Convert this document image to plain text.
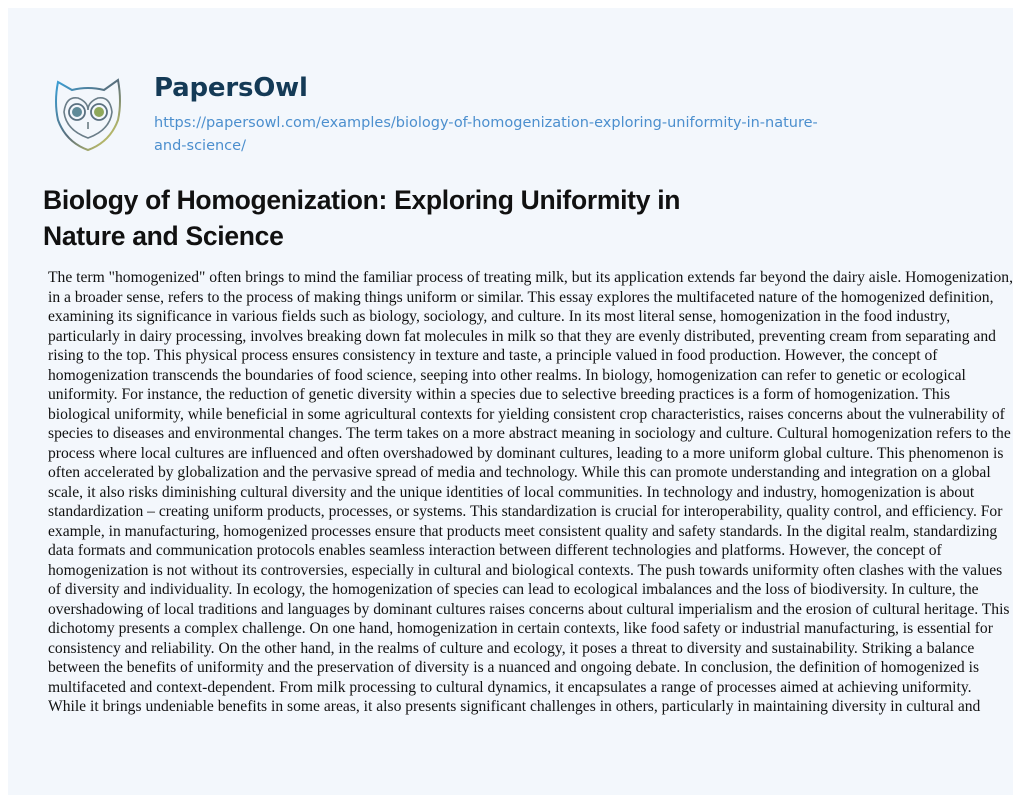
PapersOwl
https://papersowl.com/examples/biology-of-homogenization-exploring-uniformity-in-nature-
and-science/
Biology of Homogenization: Exploring Uniformity in
Nature and Science

The term "homogenized" often brings to mind the familiar process of treating milk, but its application extends far beyond the dairy aisle. Homogenization, in a broader sense, refers to the process of making things uniform or similar. This essay explores the multifaceted nature of the homogenized definition, examining its significance in various fields such as biology, sociology, and culture. In its most literal sense, homogenization in the food industry, particularly in dairy processing, involves breaking down fat molecules in milk so that they are evenly distributed, preventing cream from separating and rising to the top. This physical process ensures consistency in texture and taste, a principle valued in food production. However, the concept of homogenization transcends the boundaries of food science, seeping into other realms. In biology, homogenization can refer to genetic or ecological uniformity. For instance, the reduction of genetic diversity within a species due to selective breeding practices is a form of homogenization. This biological uniformity, while beneficial in some agricultural contexts for yielding consistent crop characteristics, raises concerns about the vulnerability of species to diseases and environmental changes. The term takes on a more abstract meaning in sociology and culture. Cultural homogenization refers to the process where local cultures are influenced and often overshadowed by dominant cultures, leading to a more uniform global culture. This phenomenon is often accelerated by globalization and the pervasive spread of media and technology. While this can promote understanding and integration on a global scale, it also risks diminishing cultural diversity and the unique identities of local communities. In technology and industry, homogenization is about standardization – creating uniform products, processes, or systems. This standardization is crucial for interoperability, quality control, and efficiency. For example, in manufacturing, homogenized processes ensure that products meet consistent quality and safety standards. In the digital realm, standardizing data formats and communication protocols enables seamless interaction between different technologies and platforms. However, the concept of homogenization is not without its controversies, especially in cultural and biological contexts. The push towards uniformity often clashes with the values of diversity and individuality. In ecology, the homogenization of species can lead to ecological imbalances and the loss of biodiversity. In culture, the overshadowing of local traditions and languages by dominant cultures raises concerns about cultural imperialism and the erosion of cultural heritage. This dichotomy presents a complex challenge. On one hand, homogenization in certain contexts, like food safety or industrial manufacturing, is essential for consistency and reliability. On the other hand, in the realms of culture and ecology, it poses a threat to diversity and sustainability. Striking a balance between the benefits of uniformity and the preservation of diversity is a nuanced and ongoing debate. In conclusion, the definition of homogenized is multifaceted and context-dependent. From milk processing to cultural dynamics, it encapsulates a range of processes aimed at achieving uniformity. While it brings undeniable benefits in some areas, it also presents significant challenges in others, particularly in maintaining diversity in cultural and
